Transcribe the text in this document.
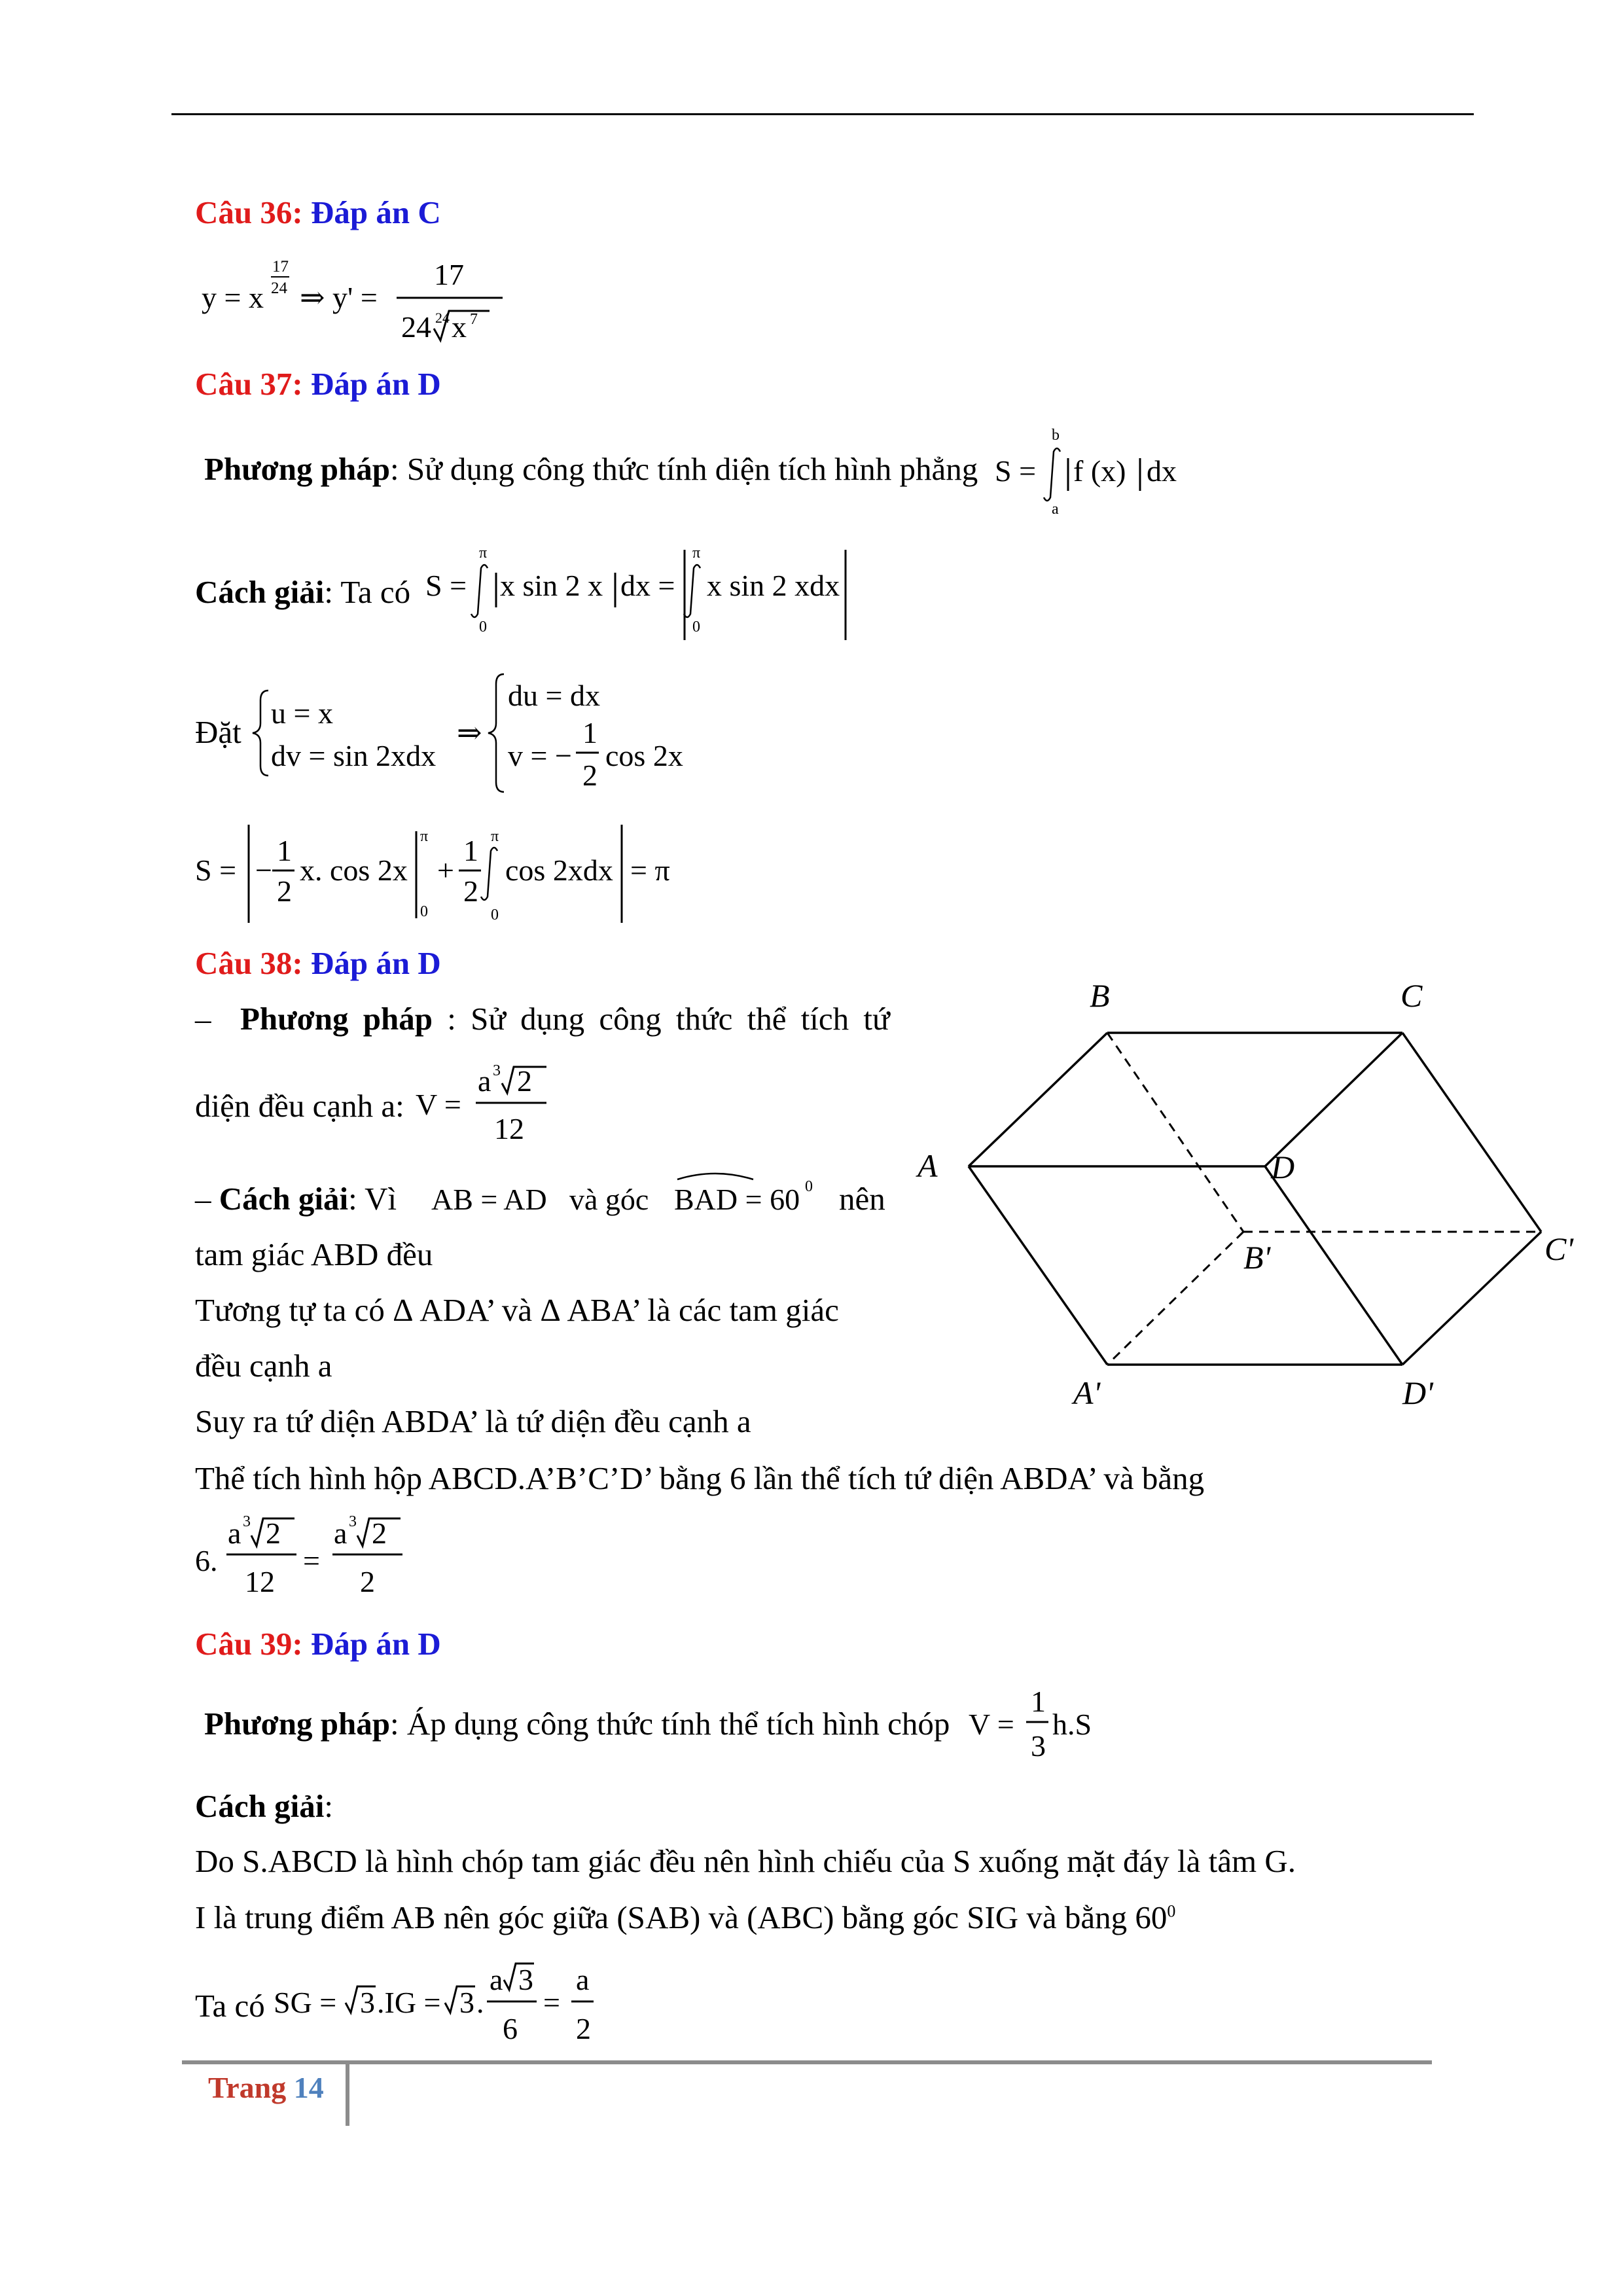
Câu 36: Đáp án C
y = x
17
24 ⇒ y' =
17
24 24 x 7
Câu 37: Đáp án D
Phương pháp: Sử dụng công thức tính diện tích hình phẳng S =
b
a
f (x) dx
Cách giải: Ta có S =
π
0
x sin 2 x dx =
π
0
x sin 2 xdx
Đặt
u = x
dv = sin 2xdx
⇒
du = dx
v = −
1
2
cos 2x
S = −
1
2
x. cos 2x
π
0
+
1
2
π
0
cos 2xdx = π
Câu 38: Đáp án D
– Phương pháp : Sử dụng công thức thể tích tứ
diện đều cạnh a: V =
a 3 2
12
– Cách giải: Vì AB = AD và góc BAD = 60 0 nên
tam giác ABD đều
Tương tự ta có Δ ADA’ và Δ ABA’ là các tam giác
đều cạnh a
Suy ra tứ diện ABDA’ là tứ diện đều cạnh a
Thể tích hình hộp ABCD.A’B’C’D’ bằng 6 lần thể tích tứ diện ABDA’ và bằng
6.
a 3 2
12
=
a 3 2
2
B	C
A	D
B'	C'
A'	D'
Câu 39: Đáp án D
Phương pháp: Áp dụng công thức tính thể tích hình chóp V =
1
3
h.S
Cách giải:
Do S.ABCD là hình chóp tam giác đều nên hình chiếu của S xuống mặt đáy là tâm G.
I là trung điểm AB nên góc giữa (SAB) và (ABC) bằng góc SIG và bằng $60^0$
Ta có SG = 3 .IG = 3 .
a 3
6
=
a
2
Trang 14
